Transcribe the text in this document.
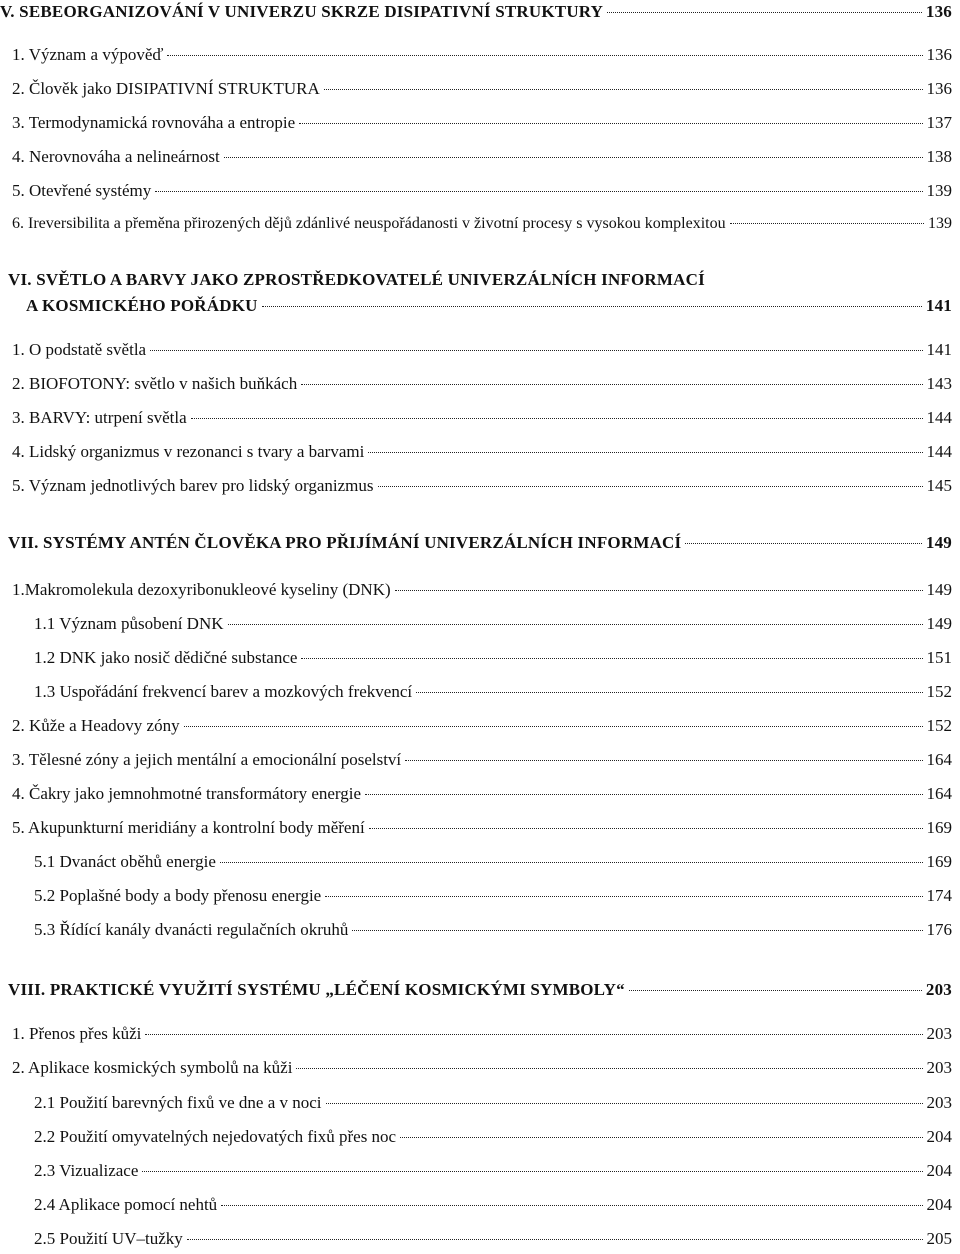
V. SEBEORGANIZOVÁNÍ V UNIVERZU SKRZE DISIPATIVNÍ STRUKTURY	136
1. Význam a výpověď	136
2. Člověk jako DISIPATIVNÍ STRUKTURA	136
3. Termodynamická rovnováha a entropie	137
4. Nerovnováha a nelineárnost	138
5. Otevřené systémy	139
6. Ireversibilita a přeměna přirozených dějů zdánlivé neuspořádanosti v životní procesy s vysokou komplexitou	139
VI. SVĚTLO A BARVY JAKO ZPROSTŘEDKOVATELÉ UNIVERZÁLNÍCH INFORMACÍ
A KOSMICKÉHO POŘÁDKU	141
1. O podstatě světla	141
2. BIOFOTONY: světlo v našich buňkách	143
3. BARVY: utrpení světla	144
4. Lidský organizmus v rezonanci s tvary a barvami	144
5. Význam jednotlivých barev pro lidský organizmus	145
VII. SYSTÉMY ANTÉN ČLOVĚKA PRO PŘIJÍMÁNÍ UNIVERZÁLNÍCH INFORMACÍ	149
1.Makromolekula dezoxyribonukleové kyseliny (DNK)	149
1.1 Význam působení DNK	149
1.2 DNK jako nosič dědičné substance	151
1.3 Uspořádání frekvencí barev a mozkových frekvencí	152
2. Kůže a Headovy zóny	152
3. Tělesné zóny a jejich mentální a emocionální poselství	164
4. Čakry jako jemnohmotné transformátory energie	164
5. Akupunkturní meridiány a kontrolní body měření	169
5.1 Dvanáct oběhů energie	169
5.2 Poplašné body a body přenosu energie	174
5.3 Řídící kanály dvanácti regulačních okruhů	176
VIII. PRAKTICKÉ VYUŽITÍ SYSTÉMU „LÉČENÍ KOSMICKÝMI SYMBOLY“	203
1. Přenos přes kůži	203
2. Aplikace kosmických symbolů na kůži	203
2.1 Použití barevných fixů ve dne a v noci	203
2.2 Použití omyvatelných nejedovatých fixů přes noc	204
2.3 Vizualizace	204
2.4 Aplikace pomocí nehtů	204
2.5 Použití UV–tužky	205
